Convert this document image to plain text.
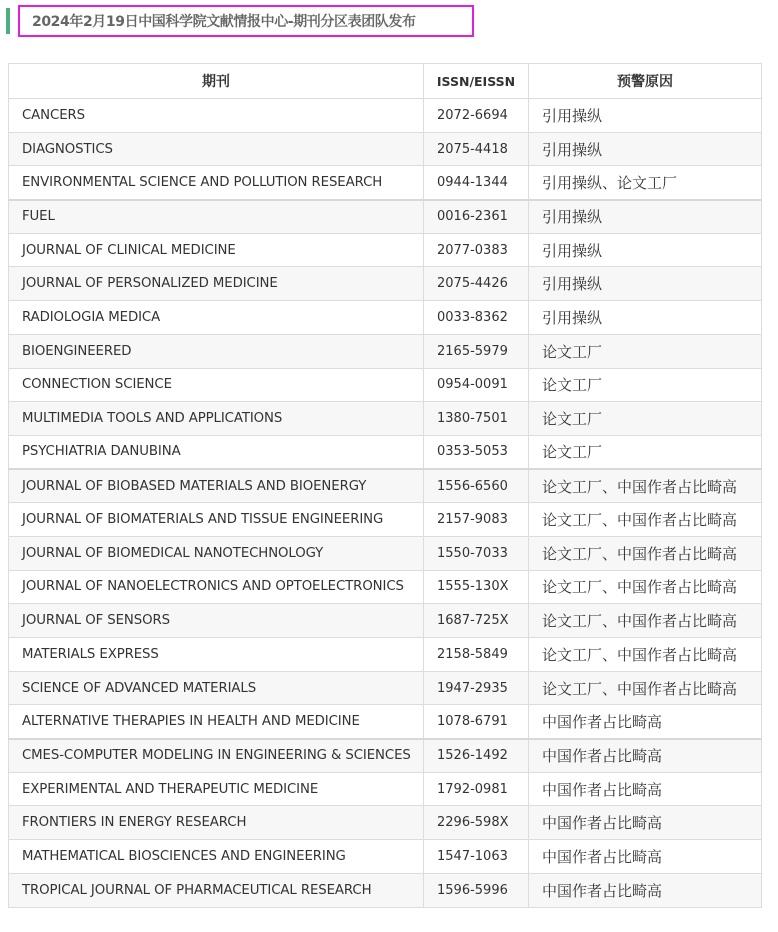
2024年2月19日中国科学院文献情报中心-期刊分区表团队发布
期刊	ISSN/EISSN	预警原因
CANCERS	2072-6694	引用操纵
DIAGNOSTICS	2075-4418	引用操纵
ENVIRONMENTAL SCIENCE AND POLLUTION RESEARCH	0944-1344	引用操纵、论文工厂
FUEL	0016-2361	引用操纵
JOURNAL OF CLINICAL MEDICINE	2077-0383	引用操纵
JOURNAL OF PERSONALIZED MEDICINE	2075-4426	引用操纵
RADIOLOGIA MEDICA	0033-8362	引用操纵
BIOENGINEERED	2165-5979	论文工厂
CONNECTION SCIENCE	0954-0091	论文工厂
MULTIMEDIA TOOLS AND APPLICATIONS	1380-7501	论文工厂
PSYCHIATRIA DANUBINA	0353-5053	论文工厂
JOURNAL OF BIOBASED MATERIALS AND BIOENERGY	1556-6560	论文工厂、中国作者占比畸高
JOURNAL OF BIOMATERIALS AND TISSUE ENGINEERING	2157-9083	论文工厂、中国作者占比畸高
JOURNAL OF BIOMEDICAL NANOTECHNOLOGY	1550-7033	论文工厂、中国作者占比畸高
JOURNAL OF NANOELECTRONICS AND OPTOELECTRONICS	1555-130X	论文工厂、中国作者占比畸高
JOURNAL OF SENSORS	1687-725X	论文工厂、中国作者占比畸高
MATERIALS EXPRESS	2158-5849	论文工厂、中国作者占比畸高
SCIENCE OF ADVANCED MATERIALS	1947-2935	论文工厂、中国作者占比畸高
ALTERNATIVE THERAPIES IN HEALTH AND MEDICINE	1078-6791	中国作者占比畸高
CMES-COMPUTER MODELING IN ENGINEERING & SCIENCES	1526-1492	中国作者占比畸高
EXPERIMENTAL AND THERAPEUTIC MEDICINE	1792-0981	中国作者占比畸高
FRONTIERS IN ENERGY RESEARCH	2296-598X	中国作者占比畸高
MATHEMATICAL BIOSCIENCES AND ENGINEERING	1547-1063	中国作者占比畸高
TROPICAL JOURNAL OF PHARMACEUTICAL RESEARCH	1596-5996	中国作者占比畸高
